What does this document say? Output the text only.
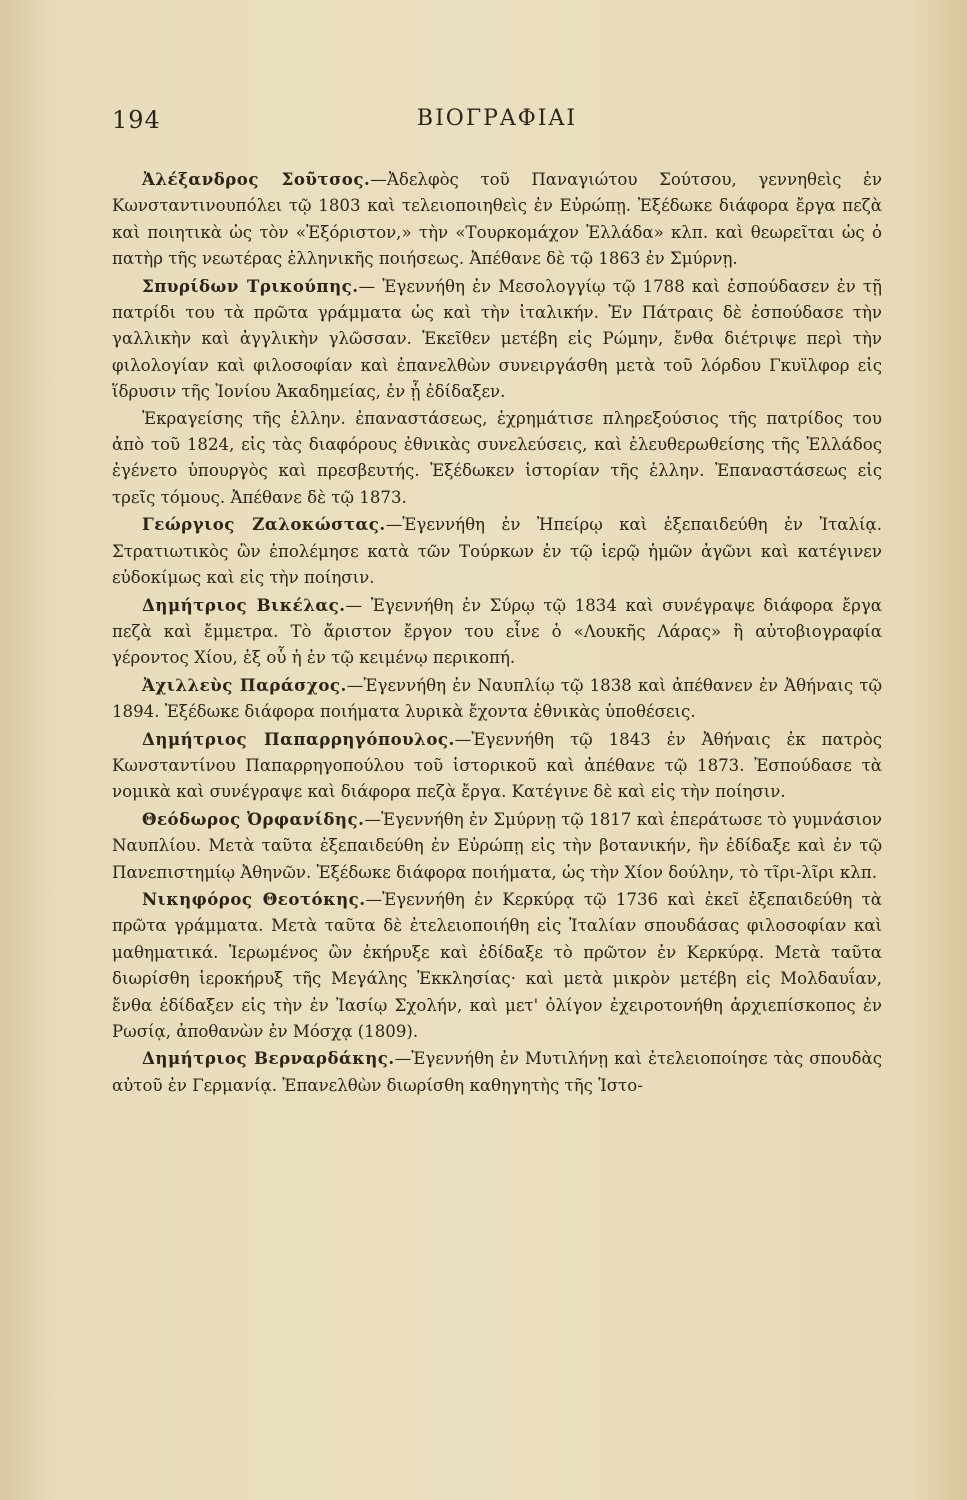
194	ΒΙΟΓΡΑΦΙΑΙ

Ἀλέξανδρος Σοῦτσος.—Ἀδελφὸς τοῦ Παναγιώτου Σούτσου, γεννηθεὶς ἐν Κωνσταντινουπόλει τῷ 1803 καὶ τελειοποιηθεὶς ἐν Εὐρώπῃ. Ἐξέδωκε διάφορα ἔργα πεζὰ καὶ ποιητικὰ ὡς τὸν «Ἐξόριστον,» τὴν «Τουρκομάχον Ἑλλάδα» κλπ. καὶ θεωρεῖται ὡς ὁ πατὴρ τῆς νεωτέρας ἑλληνικῆς ποιήσεως. Ἀπέθανε δὲ τῷ 1863 ἐν Σμύρνῃ.

Σπυρίδων Τρικούπης.— Ἐγεννήθη ἐν Μεσολογγίῳ τῷ 1788 καὶ ἐσπούδασεν ἐν τῇ πατρίδι του τὰ πρῶτα γράμματα ὡς καὶ τὴν ἰταλικήν. Ἐν Πάτραις δὲ ἐσπούδασε τὴν γαλλικὴν καὶ ἀγγλικὴν γλῶσσαν. Ἐκεῖθεν μετέβη εἰς Ρώμην, ἔνθα διέτριψε περὶ τὴν φιλολογίαν καὶ φιλοσοφίαν καὶ ἐπανελθὼν συνειργάσθη μετὰ τοῦ λόρδου Γκυϊλφορ εἰς ἵδρυσιν τῆς Ἰονίου Ἀκαδημείας, ἐν ᾗ ἐδίδαξεν.

Ἐκραγείσης τῆς ἑλλην. ἐπαναστάσεως, ἐχρημάτισε πληρεξούσιος τῆς πατρίδος του ἀπὸ τοῦ 1824, εἰς τὰς διαφόρους ἐθνικὰς συνελεύσεις, καὶ ἐλευθερωθείσης τῆς Ἑλλάδος ἐγένετο ὑπουργὸς καὶ πρεσβευτής. Ἐξέδωκεν ἱστορίαν τῆς ἑλλην. Ἐπαναστάσεως εἰς τρεῖς τόμους. Ἀπέθανε δὲ τῷ 1873.

Γεώργιος Ζαλοκώστας.—Ἐγεννήθη ἐν Ἠπείρῳ καὶ ἐξεπαιδεύθη ἐν Ἰταλίᾳ. Στρατιωτικὸς ὢν ἐπολέμησε κατὰ τῶν Τούρκων ἐν τῷ ἱερῷ ἡμῶν ἀγῶνι καὶ κατέγινεν εὐδοκίμως καὶ εἰς τὴν ποίησιν.

Δημήτριος Βικέλας.— Ἐγεννήθη ἐν Σύρῳ τῷ 1834 καὶ συνέγραψε διάφορα ἔργα πεζὰ καὶ ἔμμετρα. Τὸ ἄριστον ἔργον του εἶνε ὁ «Λουκῆς Λάρας» ἢ αὐτοβιογραφία γέροντος Χίου, ἐξ οὗ ἡ ἐν τῷ κειμένῳ περικοπή.

Ἀχιλλεὺς Παράσχος.—Ἐγεννήθη ἐν Ναυπλίῳ τῷ 1838 καὶ ἀπέθανεν ἐν Ἀθήναις τῷ 1894. Ἐξέδωκε διάφορα ποιήματα λυρικὰ ἔχοντα ἐθνικὰς ὑποθέσεις.

Δημήτριος Παπαρρηγόπουλος.—Ἐγεννήθη τῷ 1843 ἐν Ἀθήναις ἐκ πατρὸς Κωνσταντίνου Παπαρρηγοπούλου τοῦ ἱστορικοῦ καὶ ἀπέθανε τῷ 1873. Ἐσπούδασε τὰ νομικὰ καὶ συνέγραψε καὶ διάφορα πεζὰ ἔργα. Κατέγινε δὲ καὶ εἰς τὴν ποίησιν.

Θεόδωρος Ὀρφανίδης.—Ἐγεννήθη ἐν Σμύρνῃ τῷ 1817 καὶ ἐπεράτωσε τὸ γυμνάσιον Ναυπλίου. Μετὰ ταῦτα ἐξεπαιδεύθη ἐν Εὐρώπῃ εἰς τὴν βοτανικήν, ἣν ἐδίδαξε καὶ ἐν τῷ Πανεπιστημίῳ Ἀθηνῶν. Ἐξέδωκε διάφορα ποιήματα, ὡς τὴν Χίον δούλην, τὸ τῖρι-λῖρι κλπ.

Νικηφόρος Θεοτόκης.—Ἐγεννήθη ἐν Κερκύρᾳ τῷ 1736 καὶ ἐκεῖ ἐξεπαιδεύθη τὰ πρῶτα γράμματα. Μετὰ ταῦτα δὲ ἐτελειοποιήθη εἰς Ἰταλίαν σπουδάσας φιλοσοφίαν καὶ μαθηματικά. Ἱερωμένος ὢν ἐκήρυξε καὶ ἐδίδαξε τὸ πρῶτον ἐν Κερκύρᾳ. Μετὰ ταῦτα διωρίσθη ἱεροκήρυξ τῆς Μεγάλης Ἐκκλησίας· καὶ μετὰ μικρὸν μετέβη εἰς Μολδαυΐαν, ἔνθα ἐδίδαξεν εἰς τὴν ἐν Ἰασίῳ Σχολήν, καὶ μετ' ὀλίγον ἐχειροτονήθη ἀρχιεπίσκοπος ἐν Ρωσίᾳ, ἀποθανὼν ἐν Μόσχᾳ (1809).

Δημήτριος Βερναρδάκης.—Ἐγεννήθη ἐν Μυτιλήνῃ καὶ ἐτελειοποίησε τὰς σπουδὰς αὐτοῦ ἐν Γερμανίᾳ. Ἐπανελθὼν διωρίσθη καθηγητὴς τῆς Ἱστο-
